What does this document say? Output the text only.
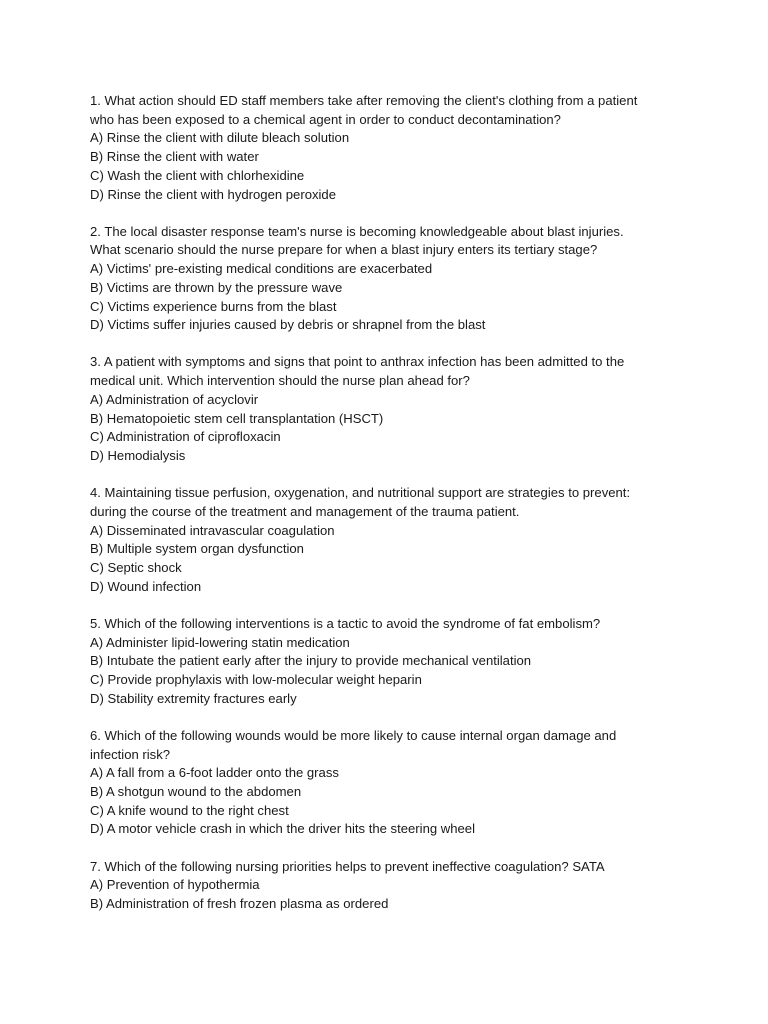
1. What action should ED staff members take after removing the client's clothing from a patient
who has been exposed to a chemical agent in order to conduct decontamination?
A) Rinse the client with dilute bleach solution
B) Rinse the client with water
C) Wash the client with chlorhexidine
D) Rinse the client with hydrogen peroxide
2. The local disaster response team's nurse is becoming knowledgeable about blast injuries.
What scenario should the nurse prepare for when a blast injury enters its tertiary stage?
A) Victims' pre-existing medical conditions are exacerbated
B) Victims are thrown by the pressure wave
C) Victims experience burns from the blast
D) Victims suffer injuries caused by debris or shrapnel from the blast
3. A patient with symptoms and signs that point to anthrax infection has been admitted to the
medical unit. Which intervention should the nurse plan ahead for?
A) Administration of acyclovir
B) Hematopoietic stem cell transplantation (HSCT)
C) Administration of ciprofloxacin
D) Hemodialysis
4. Maintaining tissue perfusion, oxygenation, and nutritional support are strategies to prevent:
during the course of the treatment and management of the trauma patient.
A) Disseminated intravascular coagulation
B) Multiple system organ dysfunction
C) Septic shock
D) Wound infection
5. Which of the following interventions is a tactic to avoid the syndrome of fat embolism?
A) Administer lipid-lowering statin medication
B) Intubate the patient early after the injury to provide mechanical ventilation
C) Provide prophylaxis with low-molecular weight heparin
D) Stability extremity fractures early
6. Which of the following wounds would be more likely to cause internal organ damage and
infection risk?
A) A fall from a 6-foot ladder onto the grass
B) A shotgun wound to the abdomen
C) A knife wound to the right chest
D) A motor vehicle crash in which the driver hits the steering wheel
7. Which of the following nursing priorities helps to prevent ineffective coagulation? SATA
A) Prevention of hypothermia
B) Administration of fresh frozen plasma as ordered
